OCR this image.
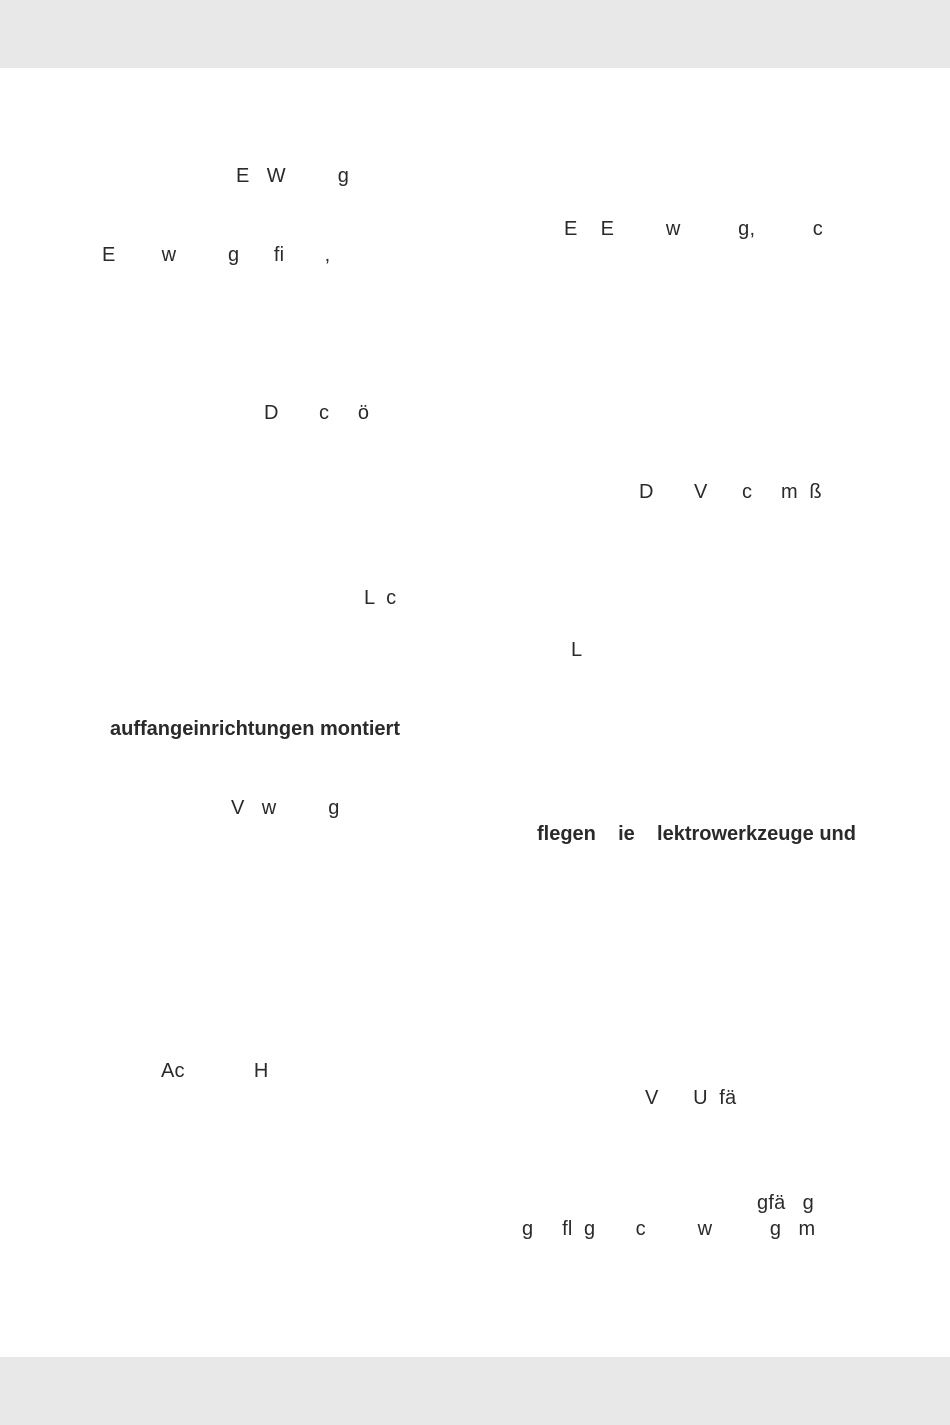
E   W         g
E        w         g      fi       ,
D       c     ö
L  c
auffangeinrichtungen montiert
V   w         g
Ac            H
E    E         w          g,          c
D       V      c     m  ß
L
flegen    ie    lektrowerkzeuge und
V      U  fä
gfä   g
g     fl  g       c         w          g   m
